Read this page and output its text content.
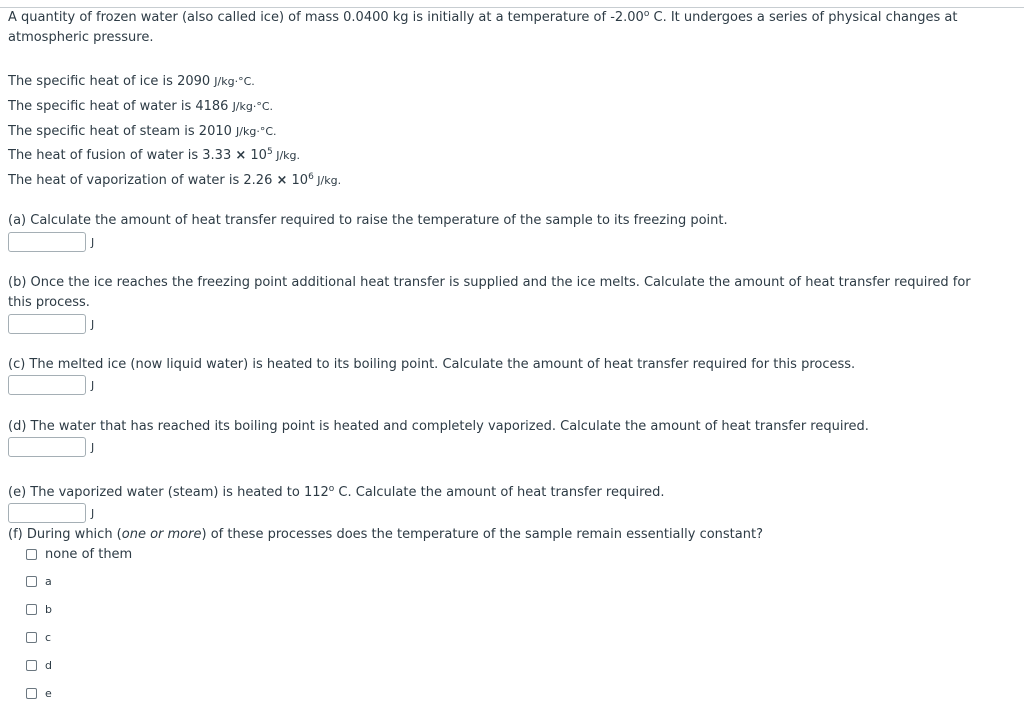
A quantity of frozen water (also called ice) of mass 0.0400 kg is initially at a temperature of -2.00$^o$ C. It undergoes a series of physical changes at atmospheric pressure.
The specific heat of ice is 2090 J/kg·°C.
The specific heat of water is 4186 J/kg·°C.
The specific heat of steam is 2010 J/kg·°C.
The heat of fusion of water is $3.33 \times 10^5$ J/kg.
The heat of vaporization of water is $2.26 \times 10^6$ J/kg.
(a) Calculate the amount of heat transfer required to raise the temperature of the sample to its freezing point.
J
(b) Once the ice reaches the freezing point additional heat transfer is supplied and the ice melts. Calculate the amount of heat transfer required for this process.
J
(c) The melted ice (now liquid water) is heated to its boiling point. Calculate the amount of heat transfer required for this process.
J
(d) The water that has reached its boiling point is heated and completely vaporized. Calculate the amount of heat transfer required.
J
(e) The vaporized water (steam) is heated to 112$^o$ C. Calculate the amount of heat transfer required.
J
(f) During which (one or more) of these processes does the temperature of the sample remain essentially constant?
none of them
a
b
c
d
e
